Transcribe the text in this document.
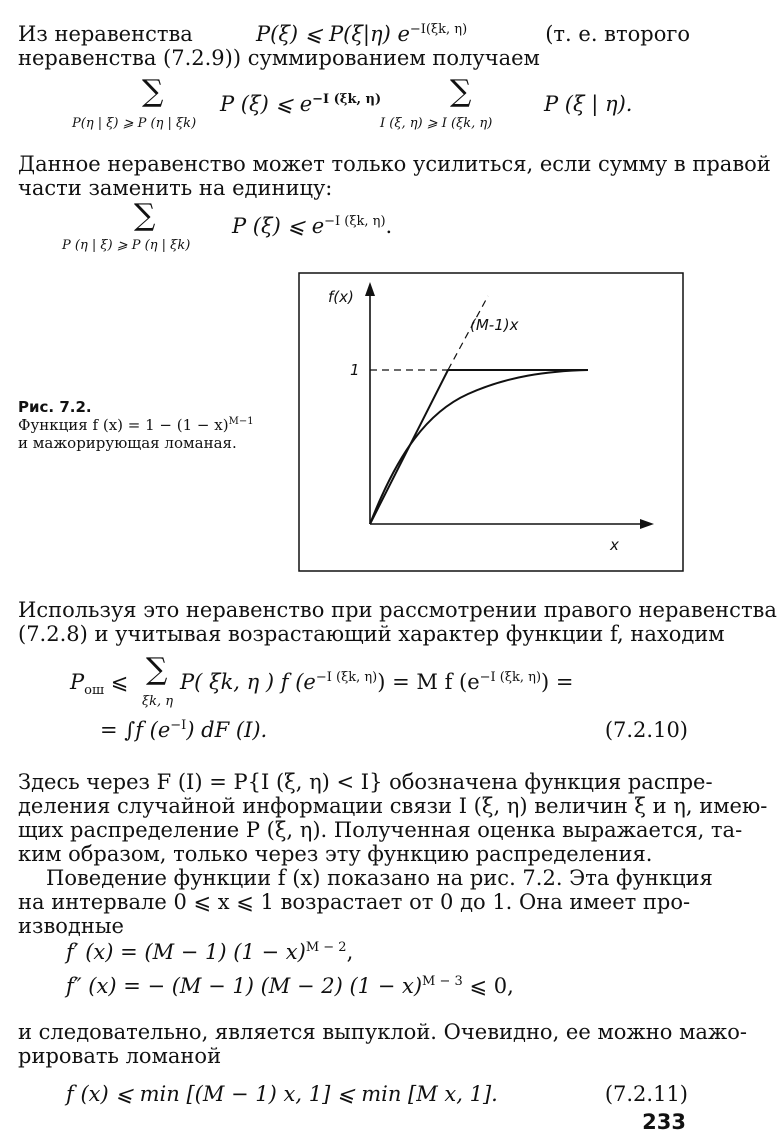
Из неравенства	P(ξ) ⩽ P(ξ|η) $e^{-I(\xi k, \eta)}$	(т. е. второго
неравенства (7.2.9)) суммированием получаем
∑
P(η | ξ) ⩾ P (η | ξk)
P (ξ) ⩽ $e^{-I (\xi k, \eta)}$ ∑
I (ξ, η) ⩾ I (ξk, η)
P (ξ | η).
Данное неравенство может только усилиться, если сумму в правой
части заменить на единицу:
∑
P (η | ξ) ⩾ P (η | ξk)
P (ξ) ⩽ $e^{-I (\xi k, \eta)}$.
Рис. 7.2.
Функция f $(x) = 1 - (1 - x)^{M-1}$
и мажорирующая ломаная.
f(x)
x
1
(M-1)x
Используя это неравенство при рассмотрении правого неравенства
(7.2.8) и учитывая возрастающий характер функции f, находим
$P_{ош}$ ⩽ ∑
ξk, η
P( ξk, η ) f $(e^{-I (\xi k, \eta)}) = M$ f $(e^{-I (\xi k, \eta)})$ =
= ∫f $(e^{-I})$ dF (I).	(7.2.10)
Здесь через F (I) = P{I (ξ, η) < I} обозначена функция распре-
деления случайной информации связи I (ξ, η) величин ξ и η, имею-
щих распределение P (ξ, η). Полученная оценка выражается, та-
ким образом, только через эту функцию распределения.
Поведение функции f (x) показано на рис. 7.2. Эта функция
на интервале 0 ⩽ x ⩽ 1 возрастает от 0 до 1. Она имеет про-
изводные
f′ (x) = (M − 1) $(1 - x)^{M - 2}$,
f″ (x) = − (M − 1) (M − 2) $(1 - x)^{M - 3}$ ⩽ 0,
и следовательно, является выпуклой. Очевидно, ее можно мажо-
рировать ломаной
f (x) ⩽ min [(M − 1) x, 1] ⩽ min [M x, 1].	(7.2.11)
233
